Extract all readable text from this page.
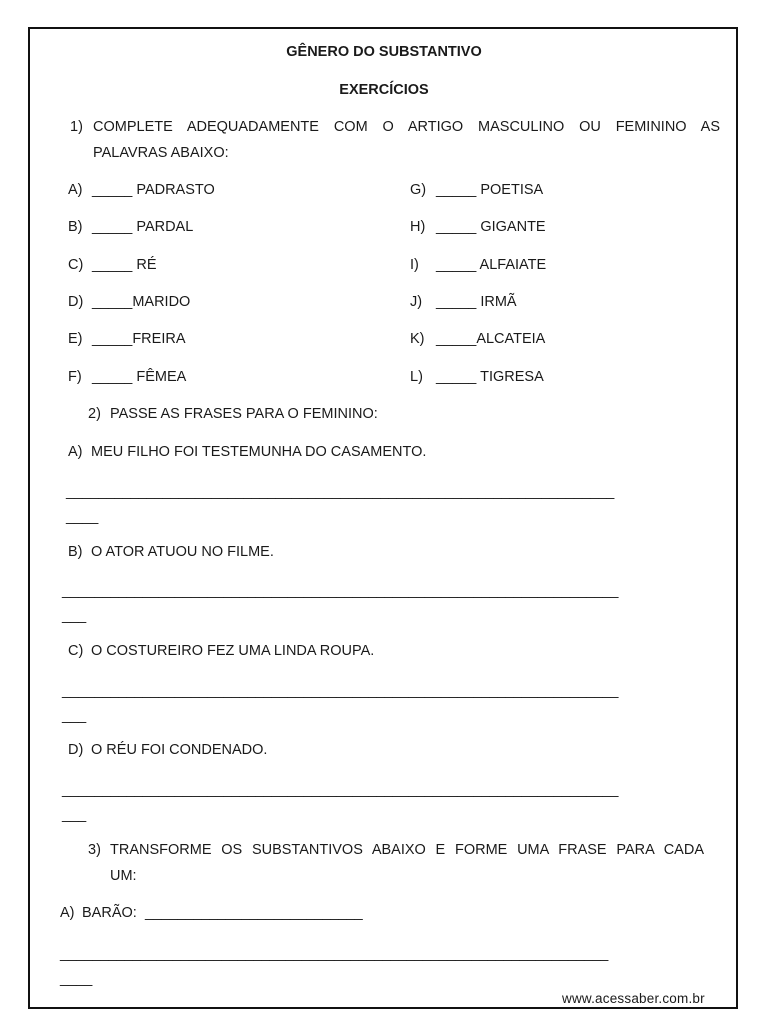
GÊNERO DO SUBSTANTIVO
EXERCÍCIOS
1) COMPLETE ADEQUADAMENTE COM O ARTIGO MASCULINO OU FEMININO AS
PALAVRAS ABAIXO:
A) _____ PADRASTO
B) _____ PARDAL
C) _____ RÉ
D) _____MARIDO
E) _____FREIRA
F) _____ FÊMEA
G) _____ POETISA
H) _____ GIGANTE
I) _____ ALFAIATE
J) _____ IRMÃ
K) _____ALCATEIA
L) _____ TIGRESA
2) PASSE AS FRASES PARA O FEMININO:
A) MEU FILHO FOI TESTEMUNHA DO CASAMENTO.
____________________________________________________________________
____
B) O ATOR ATUOU NO FILME.
_____________________________________________________________________
___
C) O COSTUREIRO FEZ UMA LINDA ROUPA.
_____________________________________________________________________
___
D) O RÉU FOI CONDENADO.
_____________________________________________________________________
___
3) TRANSFORME OS SUBSTANTIVOS ABAIXO E FORME UMA FRASE PARA CADA
UM:
A) BARÃO: ___________________________
____________________________________________________________________
____
www.acessaber.com.br
